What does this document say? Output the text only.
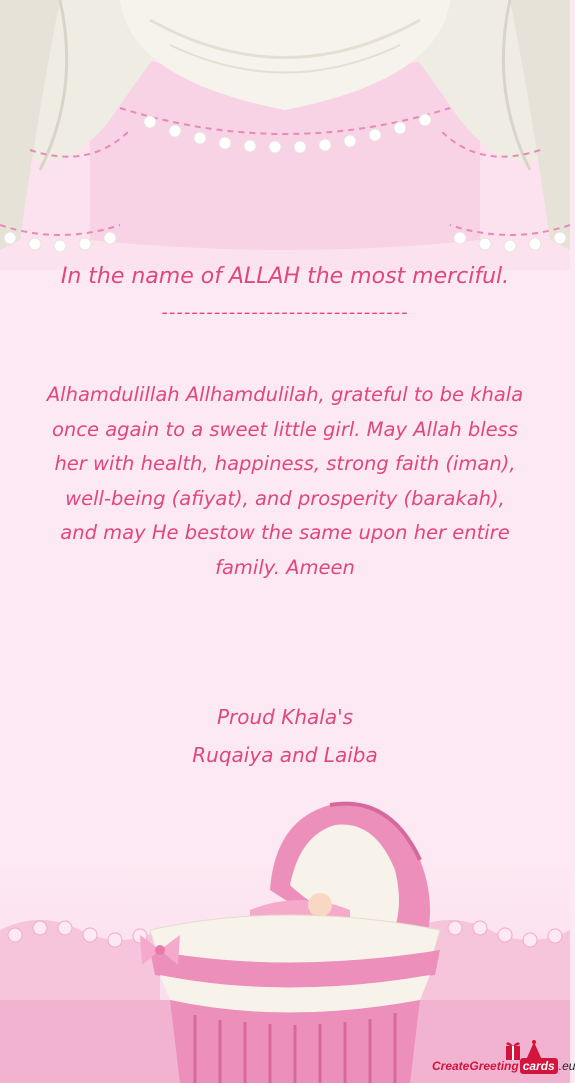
In the name of ALLAH the most merciful.
---------------------------------
Alhamdulillah Allhamdulilah, grateful to be khala once again to a sweet little girl. May Allah bless her with health, happiness, strong faith (iman), well-being (afiyat), and prosperity (barakah), and may He bestow the same upon her entire family. Ameen
Proud Khala's
Ruqaiya and Laiba
CreateGreeting cards .eu
